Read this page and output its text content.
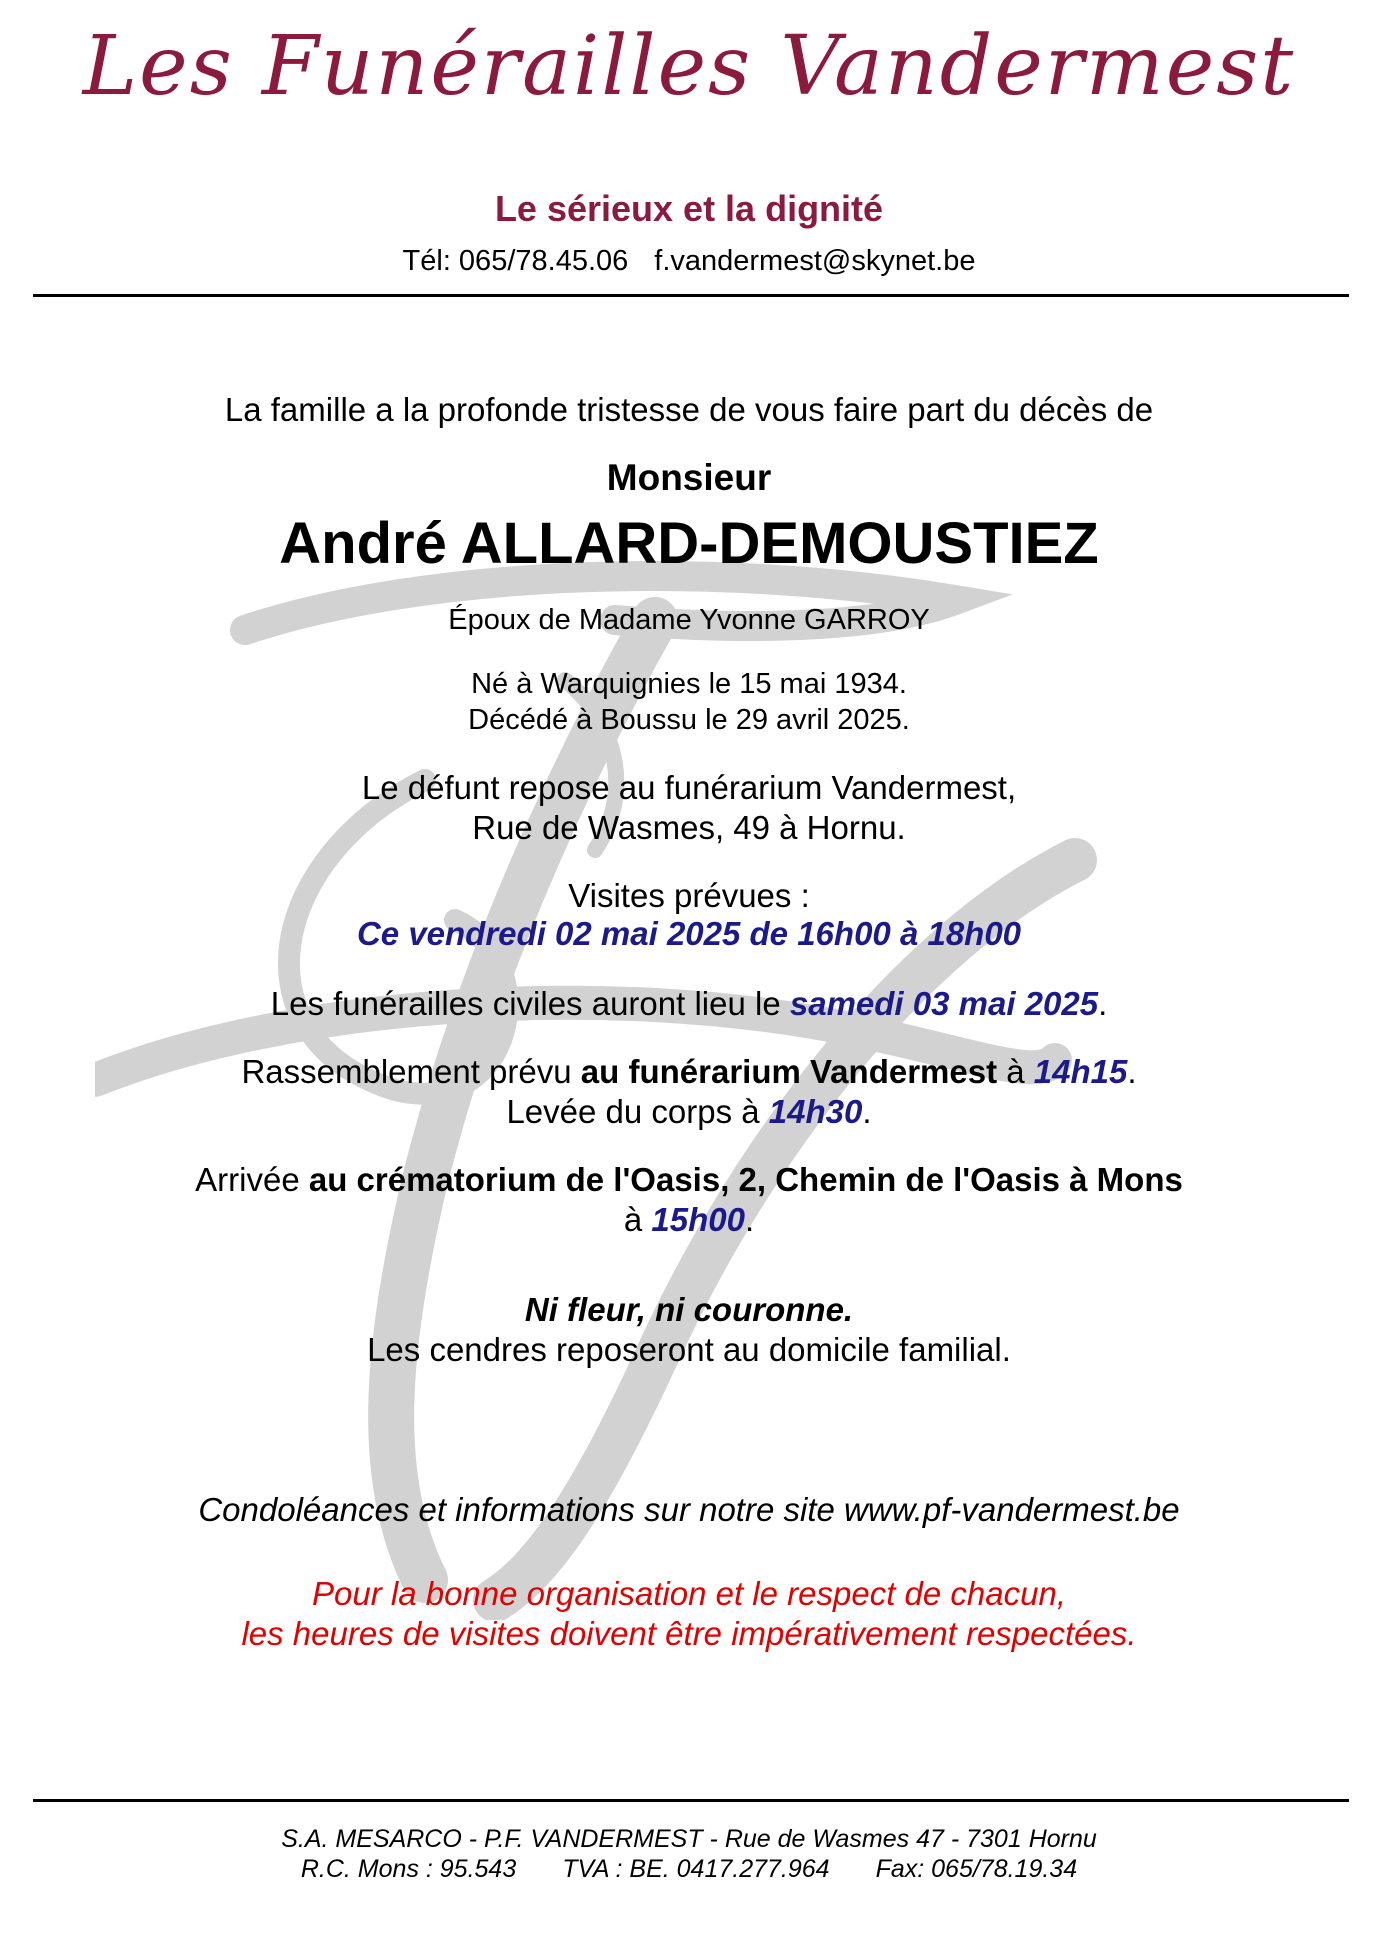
Les Funérailles Vandermest
Le sérieux et la dignité
Tél: 065/78.45.06 f.vandermest@skynet.be
La famille a la profonde tristesse de vous faire part du décès de
Monsieur
André ALLARD-DEMOUSTIEZ
Époux de Madame Yvonne GARROY
Né à Warquignies le 15 mai 1934.
Décédé à Boussu le 29 avril 2025.
Le défunt repose au funérarium Vandermest,
Rue de Wasmes, 49 à Hornu.
Visites prévues :
Ce vendredi 02 mai 2025 de 16h00 à 18h00
Les funérailles civiles auront lieu le samedi 03 mai 2025.
Rassemblement prévu au funérarium Vandermest à 14h15.
Levée du corps à 14h30.
Arrivée au crématorium de l'Oasis, 2, Chemin de l'Oasis à Mons
à 15h00.
Ni fleur, ni couronne.
Les cendres reposeront au domicile familial.
Condoléances et informations sur notre site www.pf-vandermest.be
Pour la bonne organisation et le respect de chacun,
les heures de visites doivent être impérativement respectées.
S.A. MESARCO - P.F. VANDERMEST - Rue de Wasmes 47 - 7301 Hornu
R.C. Mons : 95.543 TVA : BE. 0417.277.964 Fax: 065/78.19.34
